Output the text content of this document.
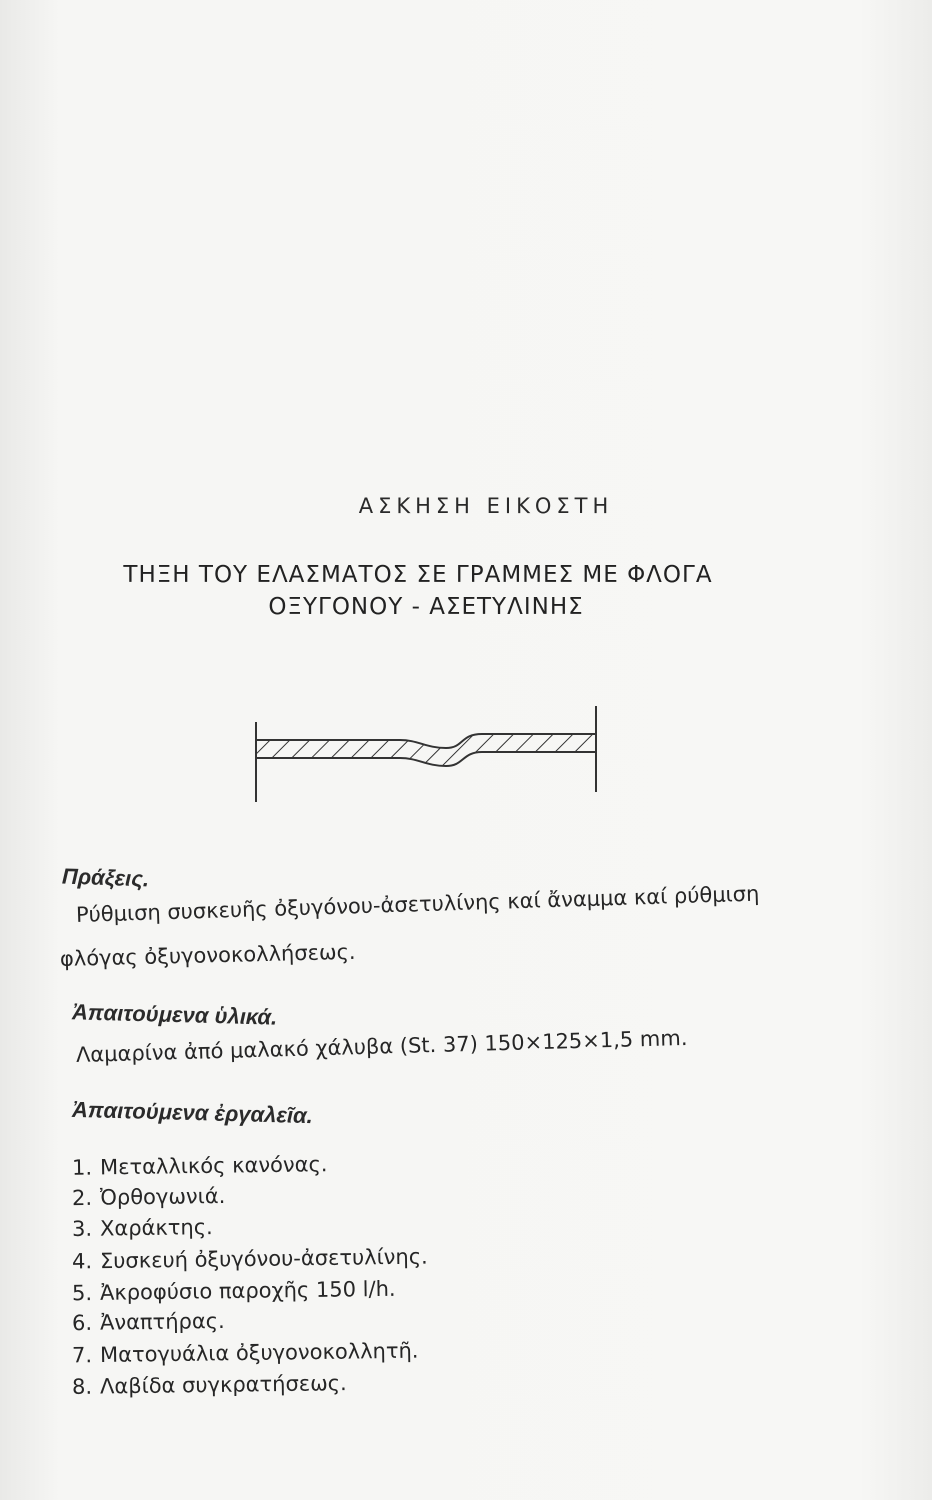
ΑΣΚΗΣΗ ΕΙΚΟΣΤΗ
ΤΗΞΗ ΤΟΥ ΕΛΑΣΜΑΤΟΣ ΣΕ ΓΡΑΜΜΕΣ ΜΕ ΦΛΟΓΑ
ΟΞΥΓΟΝΟΥ - ΑΣΕΤΥΛΙΝΗΣ
Πράξεις.
Ρύθμιση συσκευῆς ὀξυγόνου-ἀσετυλίνης καί ἄναμμα καί ρύθμιση
φλόγας ὀξυγονοκολλήσεως.
Ἀπαιτούμενα ὑλικά.
Λαμαρίνα ἀπό μαλακό χάλυβα (St. 37) 150×125×1,5 mm.
Ἀπαιτούμενα ἐργαλεῖα.
1. Μεταλλικός κανόνας.
2. Ὀρθογωνιά.
3. Χαράκτης.
4. Συσκευή ὀξυγόνου-ἀσετυλίνης.
5. Ἀκροφύσιο παροχῆς 150 l/h.
6. Ἀναπτήρας.
7. Ματογυάλια ὀξυγονοκολλητῆ.
8. Λαβίδα συγκρατήσεως.
